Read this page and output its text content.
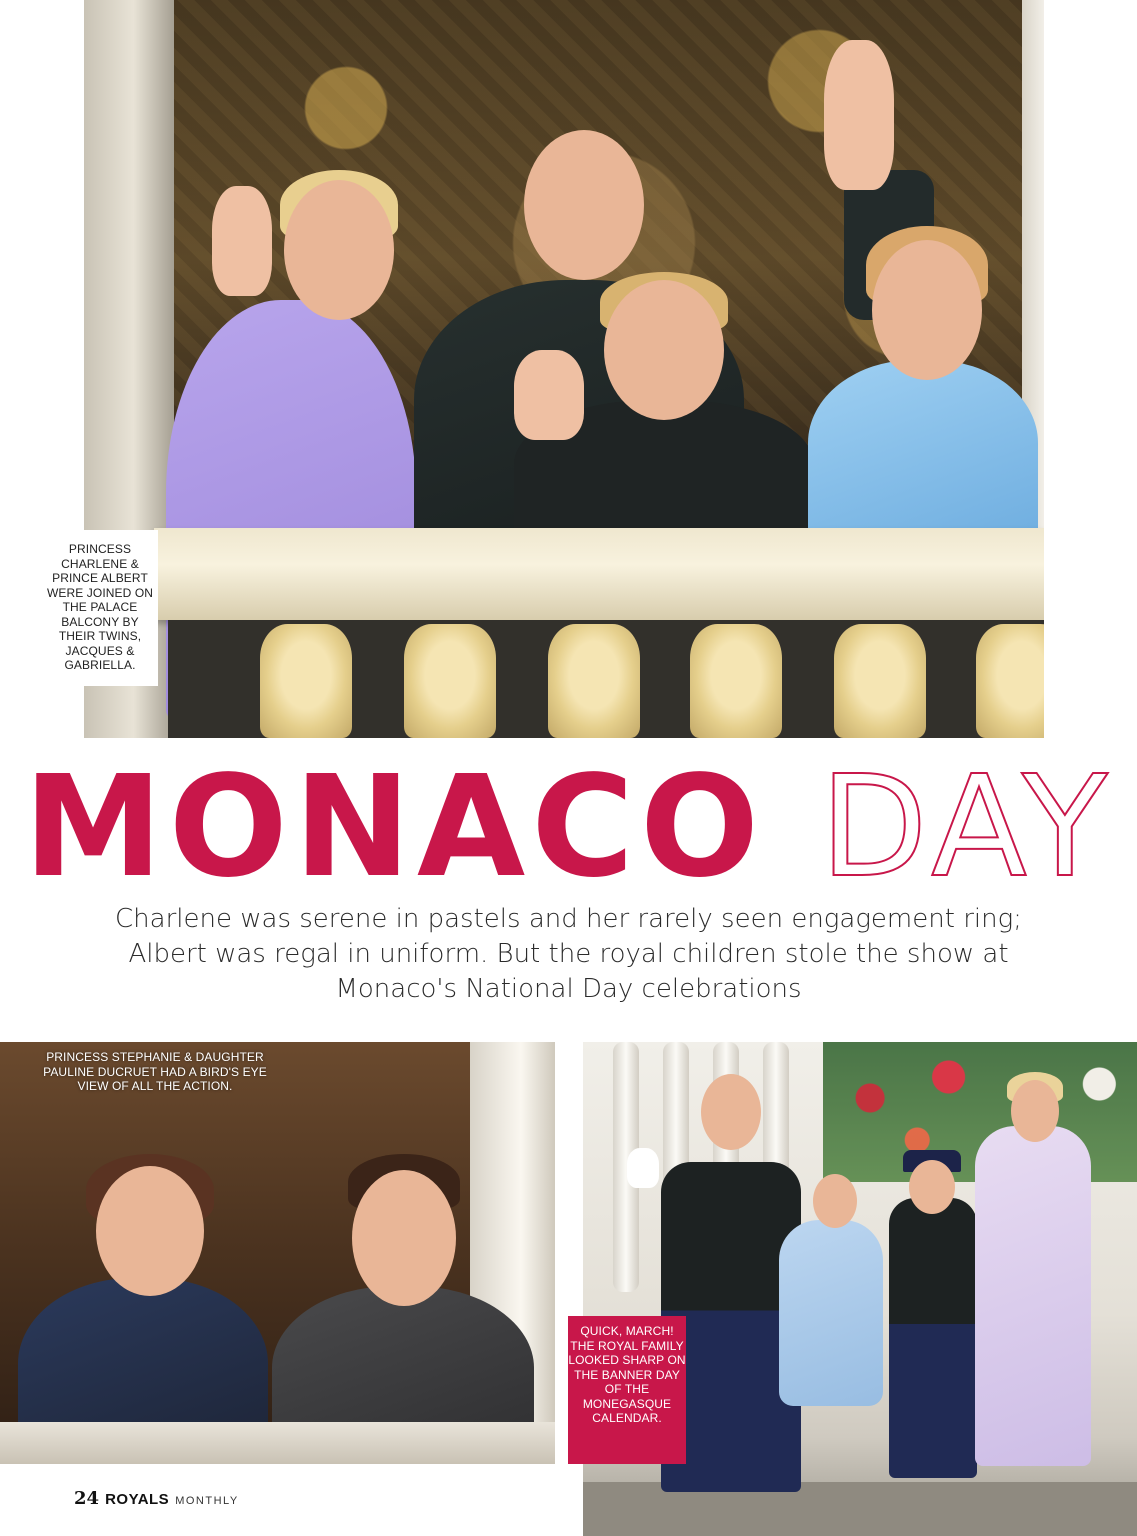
PRINCESS CHARLENE & PRINCE ALBERT WERE JOINED ON THE PALACE BALCONY BY THEIR TWINS, JACQUES & GABRIELLA.
MONACO DAY
Charlene was serene in pastels and her rarely seen engagement ring; Albert was regal in uniform. But the royal children stole the show at Monaco's National Day celebrations
PRINCESS STEPHANIE & DAUGHTER PAULINE DUCRUET HAD A BIRD'S EYE VIEW OF ALL THE ACTION.
QUICK, MARCH! THE ROYAL FAMILY LOOKED SHARP ON THE BANNER DAY OF THE MONEGASQUE CALENDAR.
24 ROYALS MONTHLY
